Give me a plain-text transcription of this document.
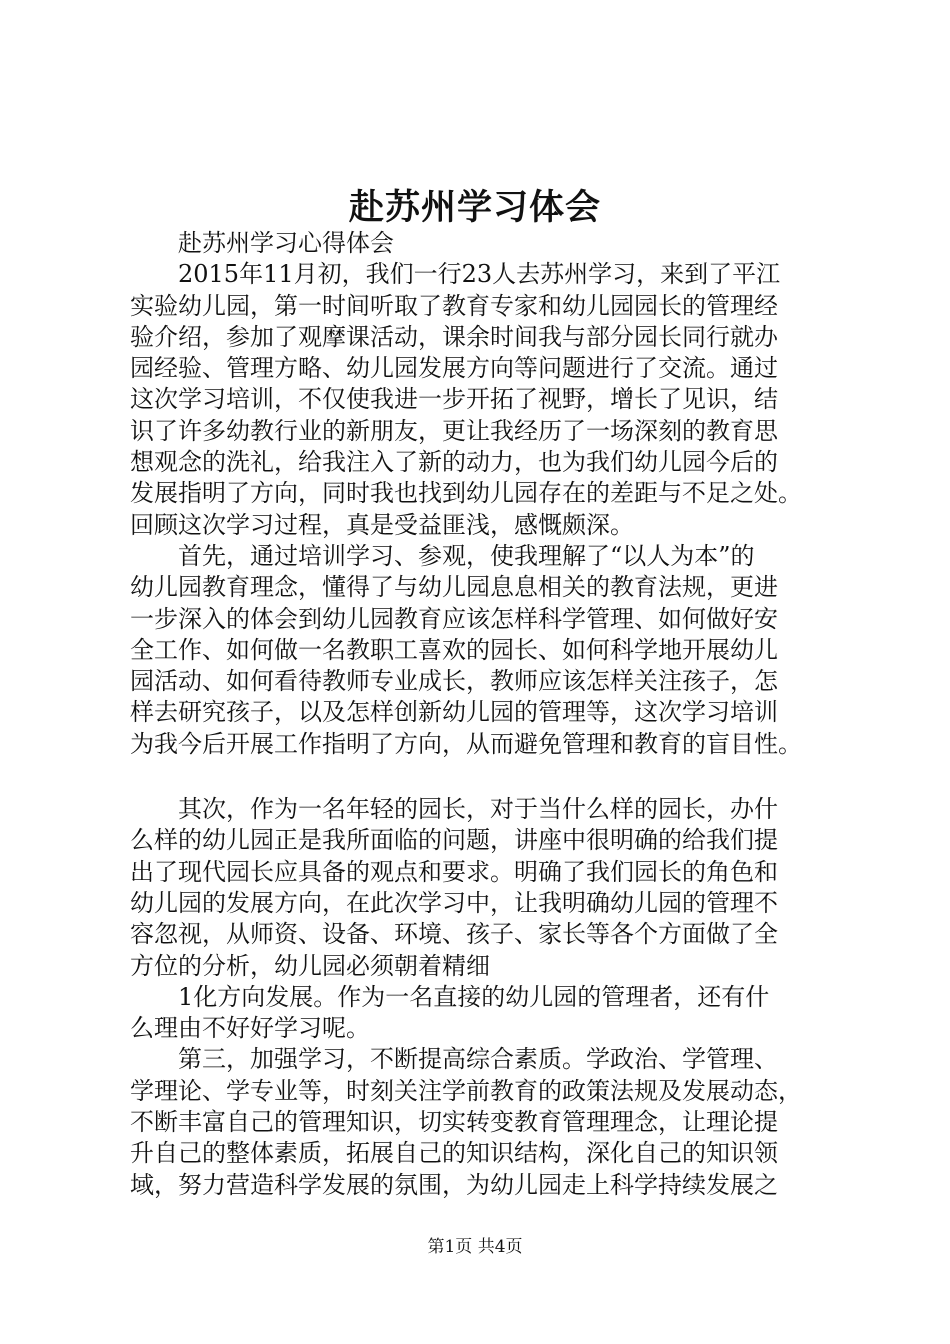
赴苏州学习体会
赴苏州学习心得体会
2015年11月初，我们一行23人去苏州学习，来到了平江
实验幼儿园，第一时间听取了教育专家和幼儿园园长的管理经
验介绍，参加了观摩课活动，课余时间我与部分园长同行就办
园经验、管理方略、幼儿园发展方向等问题进行了交流。通过
这次学习培训，不仅使我进一步开拓了视野，增长了见识，结
识了许多幼教行业的新朋友，更让我经历了一场深刻的教育思
想观念的洗礼，给我注入了新的动力，也为我们幼儿园今后的
发展指明了方向，同时我也找到幼儿园存在的差距与不足之处。
回顾这次学习过程，真是受益匪浅，感慨颇深。
首先，通过培训学习、参观，使我理解了“以人为本”的
幼儿园教育理念，懂得了与幼儿园息息相关的教育法规，更进
一步深入的体会到幼儿园教育应该怎样科学管理、如何做好安
全工作、如何做一名教职工喜欢的园长、如何科学地开展幼儿
园活动、如何看待教师专业成长，教师应该怎样关注孩子，怎
样去研究孩子，以及怎样创新幼儿园的管理等，这次学习培训
为我今后开展工作指明了方向，从而避免管理和教育的盲目性。
其次，作为一名年轻的园长，对于当什么样的园长，办什
么样的幼儿园正是我所面临的问题，讲座中很明确的给我们提
出了现代园长应具备的观点和要求。明确了我们园长的角色和
幼儿园的发展方向，在此次学习中，让我明确幼儿园的管理不
容忽视，从师资、设备、环境、孩子、家长等各个方面做了全
方位的分析，幼儿园必须朝着精细
1化方向发展。作为一名直接的幼儿园的管理者，还有什
么理由不好好学习呢。
第三，加强学习，不断提高综合素质。学政治、学管理、
学理论、学专业等，时刻关注学前教育的政策法规及发展动态，
不断丰富自己的管理知识，切实转变教育管理理念，让理论提
升自己的整体素质，拓展自己的知识结构，深化自己的知识领
域，努力营造科学发展的氛围，为幼儿园走上科学持续发展之
第1页 共4页
